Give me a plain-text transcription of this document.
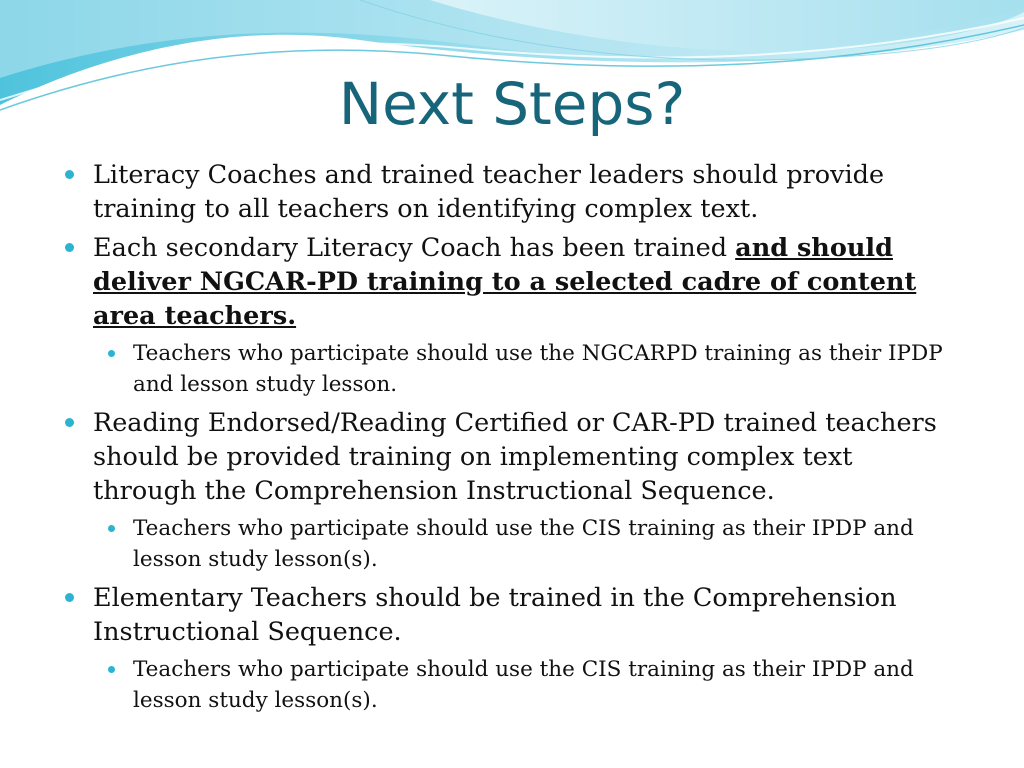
Next Steps?
Literacy Coaches and trained teacher leaders should provide training to all teachers on identifying complex text.
Each secondary Literacy Coach has been trained and should deliver NGCAR-PD training to a selected cadre of content area teachers.
Teachers who participate should use the NGCARPD training as their IPDP and lesson study lesson.
Reading Endorsed/Reading Certified or CAR-PD trained teachers should be provided training on implementing complex text through the Comprehension Instructional Sequence.
Teachers who participate should use the CIS training as their IPDP and lesson study lesson(s).
Elementary Teachers should be trained in the Comprehension Instructional Sequence.
Teachers who participate should use the CIS training as their IPDP and lesson study lesson(s).
